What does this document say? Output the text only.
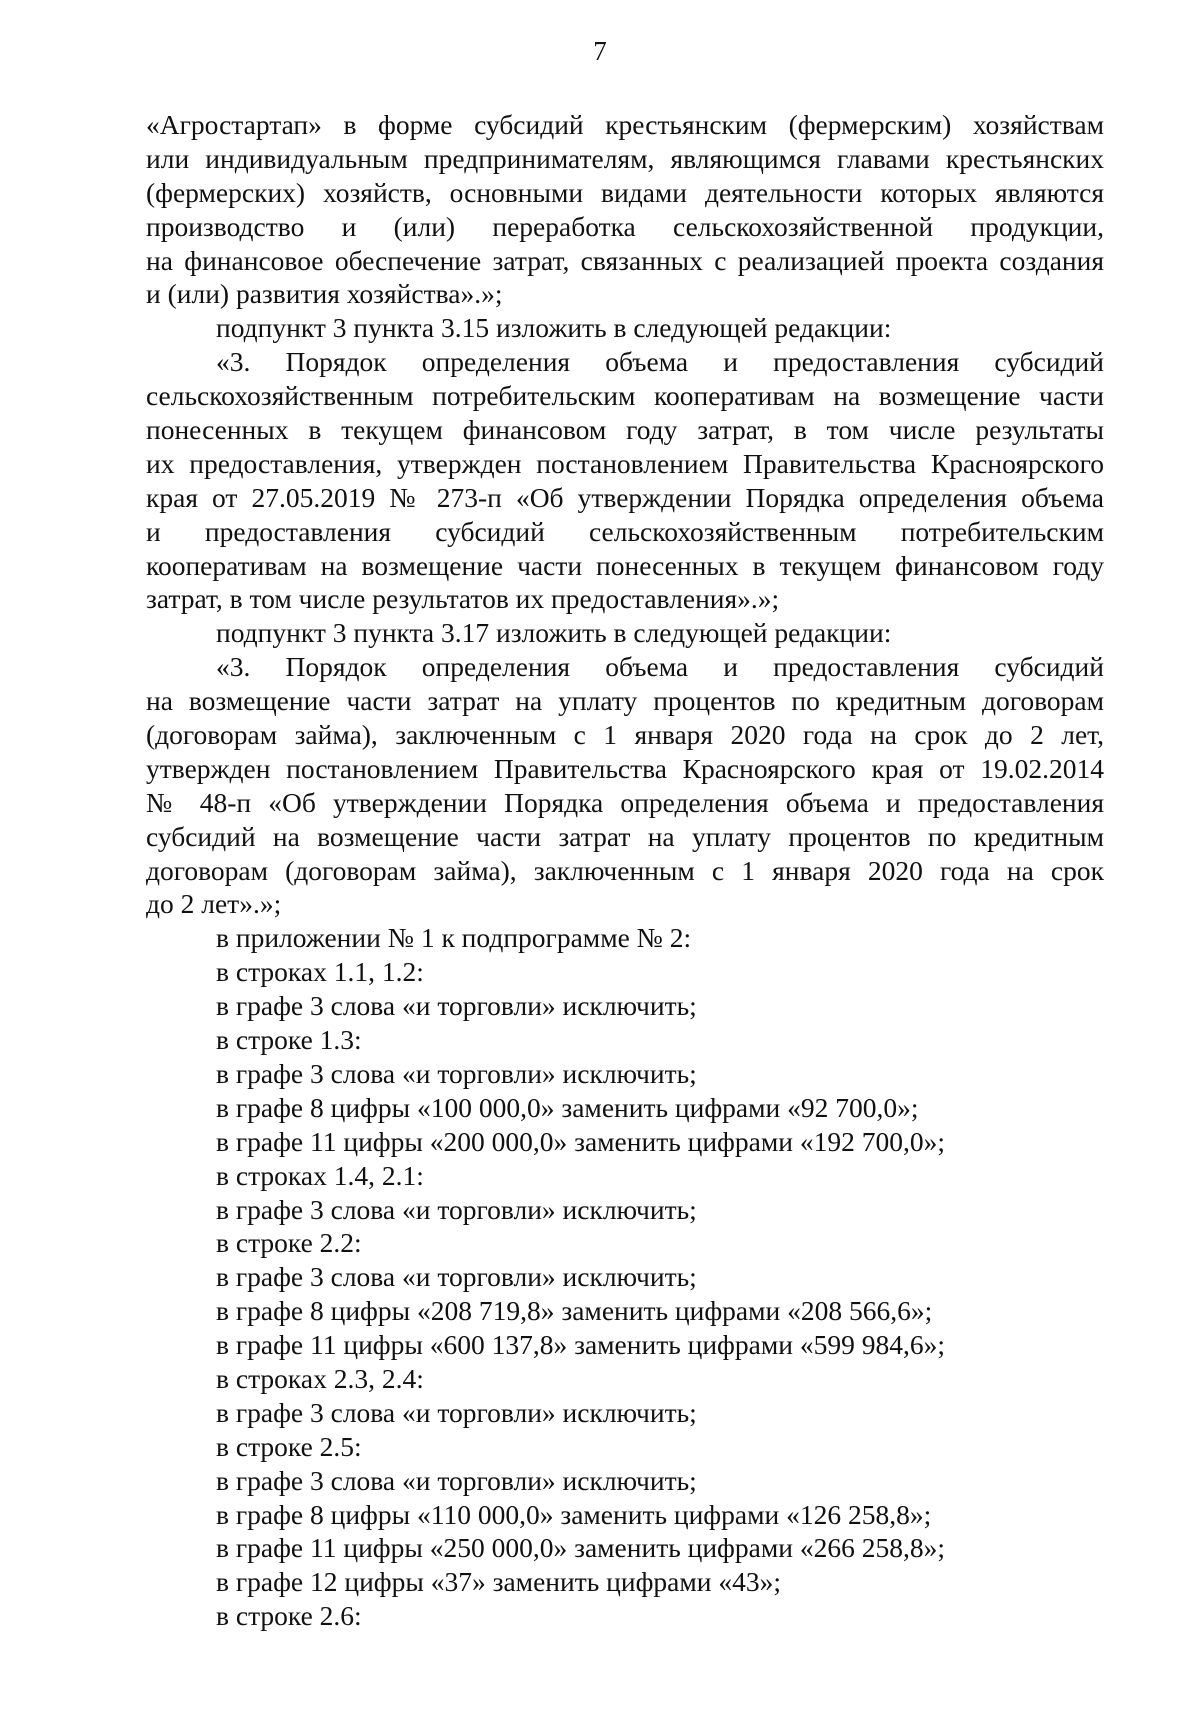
7
«Агростартап» в форме субсидий крестьянским (фермерским) хозяйствам
или индивидуальным предпринимателям, являющимся главами крестьянских
(фермерских) хозяйств, основными видами деятельности которых являются
производство и (или) переработка сельскохозяйственной продукции,
на финансовое обеспечение затрат, связанных с реализацией проекта создания
и (или) развития хозяйства».»;
подпункт 3 пункта 3.15 изложить в следующей редакции:
«3. Порядок определения объема и предоставления субсидий
сельскохозяйственным потребительским кооперативам на возмещение части
понесенных в текущем финансовом году затрат, в том числе результаты
их предоставления, утвержден постановлением Правительства Красноярского
края от 27.05.2019 № 273-п «Об утверждении Порядка определения объема
и предоставления субсидий сельскохозяйственным потребительским
кооперативам на возмещение части понесенных в текущем финансовом году
затрат, в том числе результатов их предоставления».»;
подпункт 3 пункта 3.17 изложить в следующей редакции:
«3. Порядок определения объема и предоставления субсидий
на возмещение части затрат на уплату процентов по кредитным договорам
(договорам займа), заключенным с 1 января 2020 года на срок до 2 лет,
утвержден постановлением Правительства Красноярского края от 19.02.2014
№ 48-п «Об утверждении Порядка определения объема и предоставления
субсидий на возмещение части затрат на уплату процентов по кредитным
договорам (договорам займа), заключенным с 1 января 2020 года на срок
до 2 лет».»;
в приложении № 1 к подпрограмме № 2:
в строках 1.1, 1.2:
в графе 3 слова «и торговли» исключить;
в строке 1.3:
в графе 3 слова «и торговли» исключить;
в графе 8 цифры «100 000,0» заменить цифрами «92 700,0»;
в графе 11 цифры «200 000,0» заменить цифрами «192 700,0»;
в строках 1.4, 2.1:
в графе 3 слова «и торговли» исключить;
в строке 2.2:
в графе 3 слова «и торговли» исключить;
в графе 8 цифры «208 719,8» заменить цифрами «208 566,6»;
в графе 11 цифры «600 137,8» заменить цифрами «599 984,6»;
в строках 2.3, 2.4:
в графе 3 слова «и торговли» исключить;
в строке 2.5:
в графе 3 слова «и торговли» исключить;
в графе 8 цифры «110 000,0» заменить цифрами «126 258,8»;
в графе 11 цифры «250 000,0» заменить цифрами «266 258,8»;
в графе 12 цифры «37» заменить цифрами «43»;
в строке 2.6:
